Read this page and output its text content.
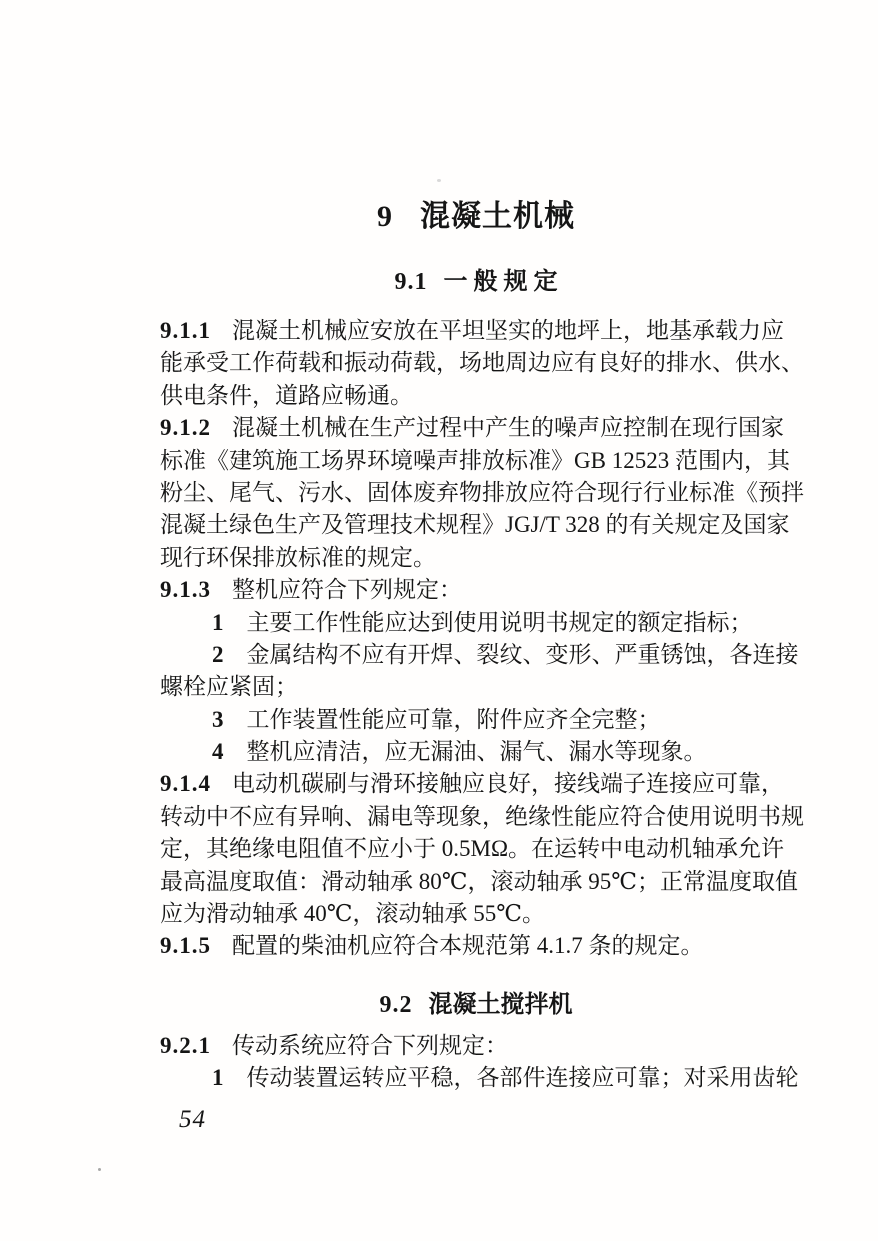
9 混凝土机械
9.1 一 般 规 定
9.1.1 混凝土机械应安放在平坦坚实的地坪上，地基承载力应
能承受工作荷载和振动荷载，场地周边应有良好的排水、供水、
供电条件，道路应畅通。
9.1.2 混凝土机械在生产过程中产生的噪声应控制在现行国家
标准《建筑施工场界环境噪声排放标准》GB 12523 范围内，其
粉尘、尾气、污水、固体废弃物排放应符合现行行业标准《预拌
混凝土绿色生产及管理技术规程》JGJ/T 328 的有关规定及国家
现行环保排放标准的规定。
9.1.3 整机应符合下列规定：
1 主要工作性能应达到使用说明书规定的额定指标；
2 金属结构不应有开焊、裂纹、变形、严重锈蚀，各连接
螺栓应紧固；
3 工作装置性能应可靠，附件应齐全完整；
4 整机应清洁，应无漏油、漏气、漏水等现象。
9.1.4 电动机碳刷与滑环接触应良好，接线端子连接应可靠，
转动中不应有异响、漏电等现象，绝缘性能应符合使用说明书规
定，其绝缘电阻值不应小于 0.5MΩ。在运转中电动机轴承允许
最高温度取值：滑动轴承 80℃，滚动轴承 95℃；正常温度取值
应为滑动轴承 40℃，滚动轴承 55℃。
9.1.5 配置的柴油机应符合本规范第 4.1.7 条的规定。
9.2 混凝土搅拌机
9.2.1 传动系统应符合下列规定：
1 传动装置运转应平稳，各部件连接应可靠；对采用齿轮
54
